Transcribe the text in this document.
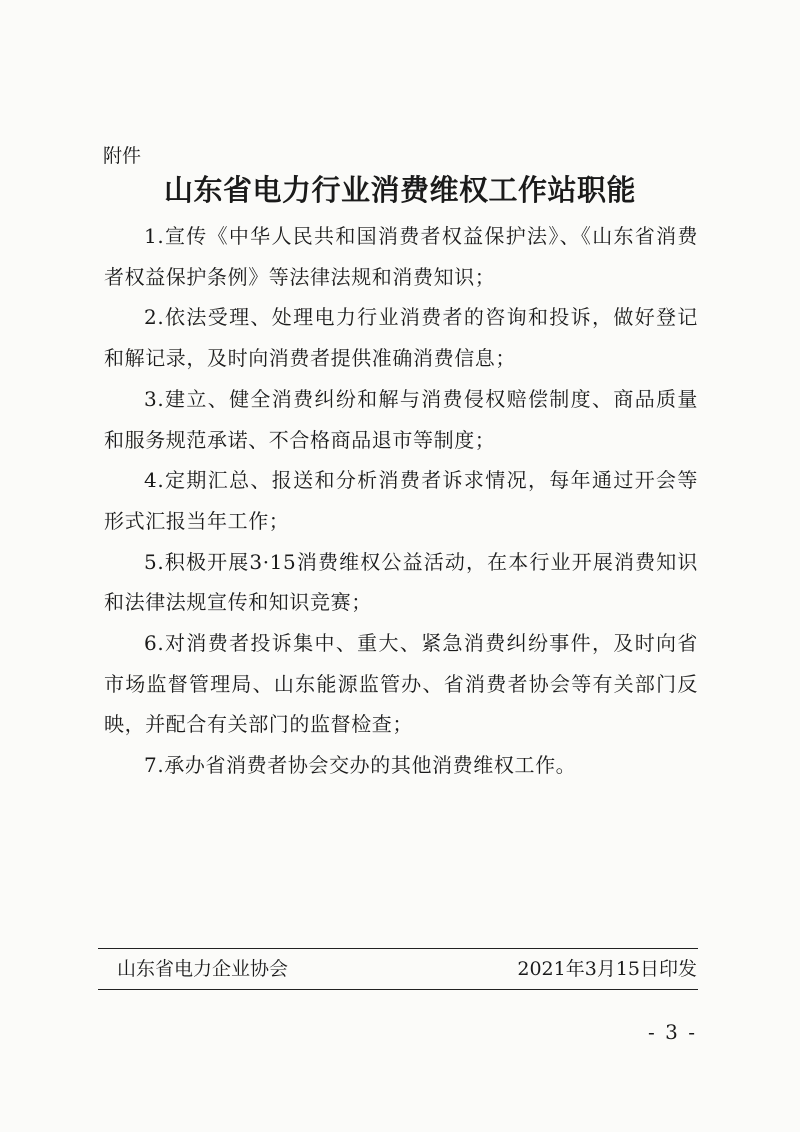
附件
山东省电力行业消费维权工作站职能

1.宣传《中华人民共和国消费者权益保护法》、《山东省消费者权益保护条例》等法律法规和消费知识；

2.依法受理、处理电力行业消费者的咨询和投诉，做好登记和解记录，及时向消费者提供准确消费信息；

3.建立、健全消费纠纷和解与消费侵权赔偿制度、商品质量和服务规范承诺、不合格商品退市等制度；

4.定期汇总、报送和分析消费者诉求情况，每年通过开会等形式汇报当年工作；

5.积极开展3·15消费维权公益活动，在本行业开展消费知识和法律法规宣传和知识竞赛；

6.对消费者投诉集中、重大、紧急消费纠纷事件，及时向省市场监督管理局、山东能源监管办、省消费者协会等有关部门反映，并配合有关部门的监督检查；

7.承办省消费者协会交办的其他消费维权工作。

山东省电力企业协会	2021年3月15日印发
- 3 -
